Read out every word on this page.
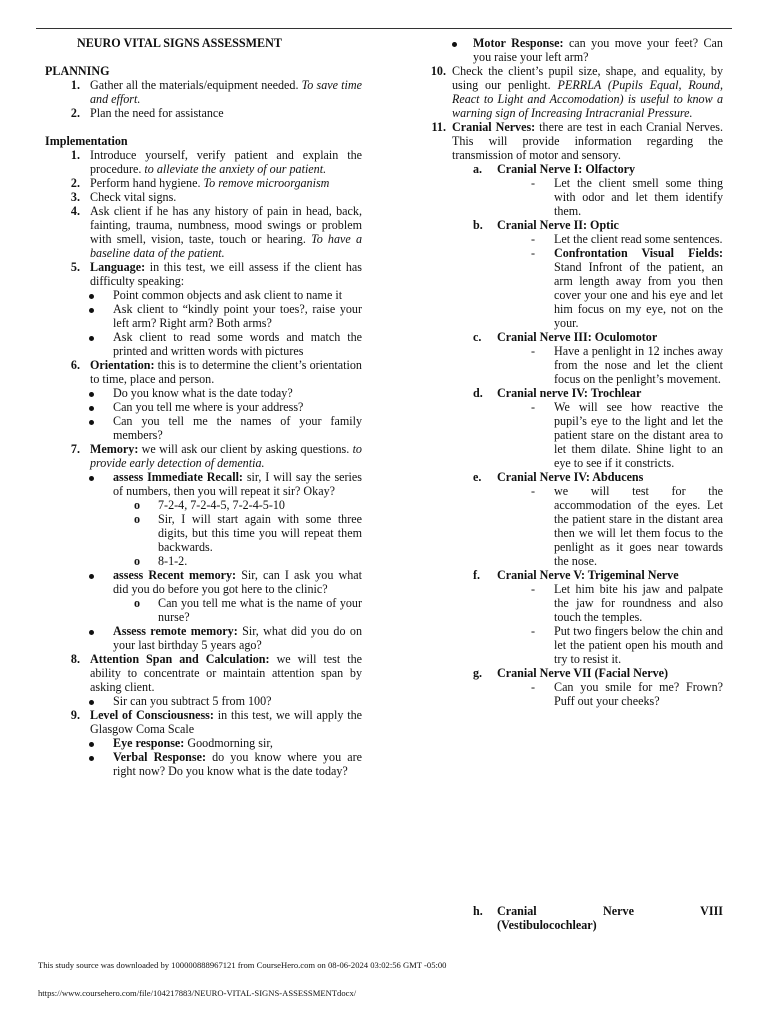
NEURO VITAL SIGNS ASSESSMENT
PLANNING
1. Gather all the materials/equipment needed. To save time and effort.
2. Plan the need for assistance
Implementation
1. Introduce yourself, verify patient and explain the procedure. to alleviate the anxiety of our patient.
2. Perform hand hygiene. To remove microorganism
3. Check vital signs.
4. Ask client if he has any history of pain in head, back, fainting, trauma, numbness, mood swings or problem with smell, vision, taste, touch or hearing. To have a baseline data of the patient.
5. Language: in this test, we eill assess if the client has difficulty speaking:
Point common objects and ask client to name it
Ask client to “kindly point your toes?, raise your left arm? Right arm? Both arms?
Ask client to read some words and match the printed and written words with pictures
6. Orientation: this is to determine the client’s orientation to time, place and person.
Do you know what is the date today?
Can you tell me where is your address?
Can you tell me the names of your family members?
7. Memory: we will ask our client by asking questions. to provide early detection of dementia.
assess Immediate Recall: sir, I will say the series of numbers, then you will repeat it sir? Okay?
o 7-2-4, 7-2-4-5, 7-2-4-5-10
o Sir, I will start again with some three digits, but this time you will repeat them backwards.
o 8-1-2.
assess Recent memory: Sir, can I ask you what did you do before you got here to the clinic?
o Can you tell me what is the name of your nurse?
Assess remote memory: Sir, what did you do on your last birthday 5 years ago?
8. Attention Span and Calculation: we will test the ability to concentrate or maintain attention span by asking client.
Sir can you subtract 5 from 100?
9. Level of Consciousness: in this test, we will apply the Glasgow Coma Scale
Eye response: Goodmorning sir,
Verbal Response: do you know where you are right now? Do you know what is the date today?
Motor Response: can you move your feet? Can you raise your left arm?
10. Check the client’s pupil size, shape, and equality, by using our penlight. PERRLA (Pupils Equal, Round, React to Light and Accomodation) is useful to know a warning sign of Increasing Intracranial Pressure.
11. Cranial Nerves: there are test in each Cranial Nerves. This will provide information regarding the transmission of motor and sensory.
a. Cranial Nerve I: Olfactory
- Let the client smell some thing with odor and let them identify them.
b. Cranial Nerve II: Optic
- Let the client read some sentences.
- Confrontation Visual Fields: Stand Infront of the patient, an arm length away from you then cover your one and his eye and let him focus on my eye, not on the your.
c. Cranial Nerve III: Oculomotor
- Have a penlight in 12 inches away from the nose and let the client focus on the penlight’s movement.
d. Cranial nerve IV: Trochlear
- We will see how reactive the pupil’s eye to the light and let the patient stare on the distant area to let them dilate. Shine light to an eye to see if it constricts.
e. Cranial Nerve IV: Abducens
- we will test for the accommodation of the eyes. Let the patient stare in the distant area then we will let them focus to the penlight as it goes near towards the nose.
f. Cranial Nerve V: Trigeminal Nerve
- Let him bite his jaw and palpate the jaw for roundness and also touch the temples.
- Put two fingers below the chin and let the patient open his mouth and try to resist it.
g. Cranial Nerve VII (Facial Nerve)
- Can you smile for me? Frown? Puff out your cheeks?
h. Cranial Nerve VIII
(Vestibulocochlear)
This study source was downloaded by 100000888967121 from CourseHero.com on 08-06-2024 03:02:56 GMT -05:00
https://www.coursehero.com/file/104217883/NEURO-VITAL-SIGNS-ASSESSMENTdocx/
